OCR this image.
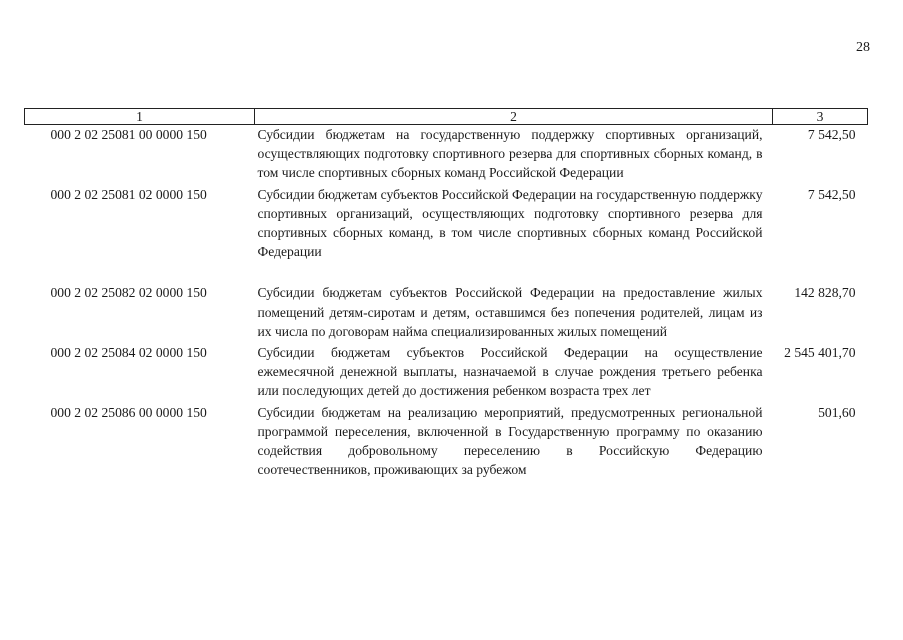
28
1	2	3
000 2 02 25081 00 0000 150	Субсидии бюджетам на государственную поддержку спортивных организаций, осуществляющих подготовку спортивного резерва для спортивных сборных команд, в том числе спортивных сборных команд Российской Федерации	7 542,50
000 2 02 25081 02 0000 150	Субсидии бюджетам субъектов Российской Федерации на государственную поддержку спортивных организаций, осуществляющих подготовку спортивного резерва для спортивных сборных команд, в том числе спортивных сборных команд Российской Федерации	7 542,50
000 2 02 25082 02 0000 150	Субсидии бюджетам субъектов Российской Федерации на предоставление жилых помещений детям-сиротам и детям, оставшимся без попечения родителей, лицам из их числа по договорам найма специализированных жилых помещений	142 828,70
000 2 02 25084 02 0000 150	Субсидии бюджетам субъектов Российской Федерации на осуществление ежемесячной денежной выплаты, назначаемой в случае рождения третьего ребенка или последующих детей до достижения ребенком возраста трех лет	2 545 401,70
000 2 02 25086 00 0000 150	Субсидии бюджетам на реализацию мероприятий, предусмотренных региональной программой переселения, включенной в Государственную программу по оказанию содействия добровольному переселению в Российскую Федерацию соотечественников, проживающих за рубежом	501,60
